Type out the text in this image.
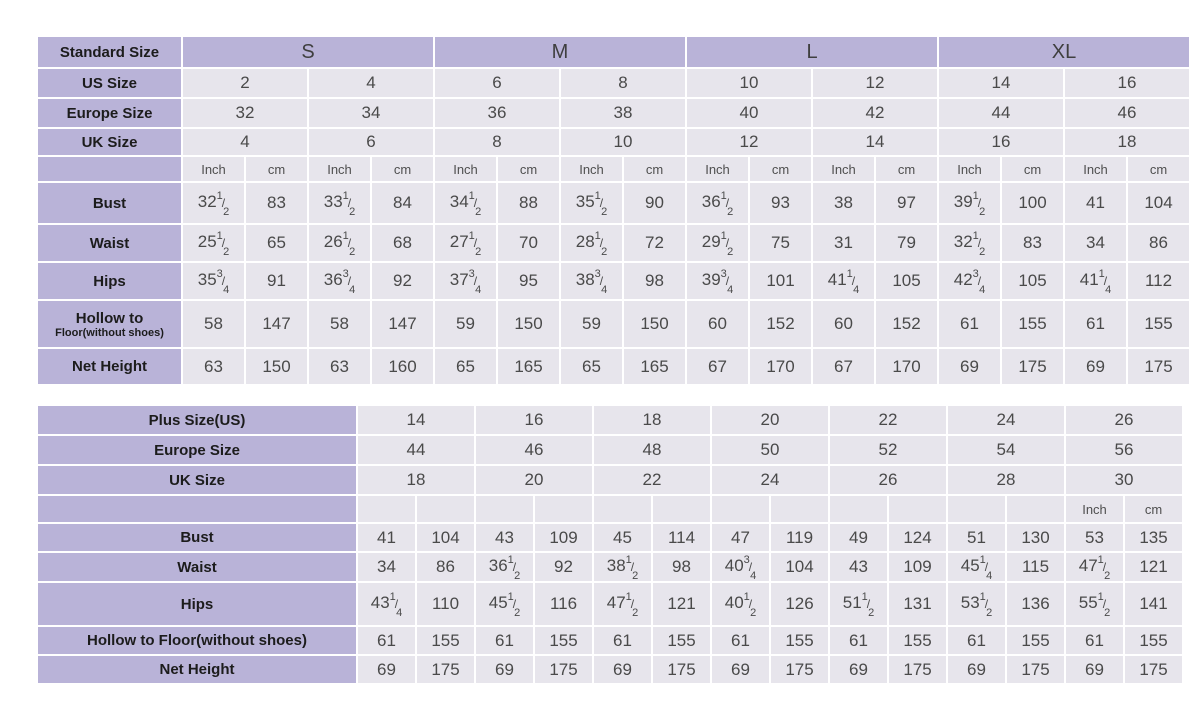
Standard Size	S				M				L				XL			
US Size	2		4		6		8		10		12		14		16	
Europe Size	32		34		36		38		40		42		44		46	
UK Size	4		6		8		10		12		14		16		18	
	Inch	cm	Inch	cm	Inch	cm	Inch	cm	Inch	cm	Inch	cm	Inch	cm	Inch	cm
Bust	$32^1/_2$	83	$33^1/_2$	84	$34^1/_2$	88	$35^1/_2$	90	$36^1/_2$	93	38	97	$39^1/_2$	100	41	104
Waist	$25^1/_2$	65	$26^1/_2$	68	$27^1/_2$	70	$28^1/_2$	72	$29^1/_2$	75	31	79	$32^1/_2$	83	34	86
Hips	$35^3/_4$	91	$36^3/_4$	92	$37^3/_4$	95	$38^3/_4$	98	$39^3/_4$	101	$41^1/_4$	105	$42^3/_4$	105	$41^1/_4$	112

Hollow to
Floor(without shoes)	58	147	58	147	59	150	59	150	60	152	60	152	61	155	61	155
Net Height	63	150	63	160	65	165	65	165	67	170	67	170	69	175	69	175
Plus Size(US)	14		16		18		20		22		24		26	
Europe Size	44		46		48		50		52		54		56	
UK Size	18		20		22		24		26		28		30	
													Inch	cm
Bust	41	104	43	109	45	114	47	119	49	124	51	130	53	135
Waist	34	86	$36^1/_2$	92	$38^1/_2$	98	$40^3/_4$	104	43	109	$45^1/_4$	115	$47^1/_2$	121
Hips	$43^1/_4$	110	$45^1/_2$	116	$47^1/_2$	121	$40^1/_2$	126	$51^1/_2$	131	$53^1/_2$	136	$55^1/_2$	141
Hollow to Floor(without shoes)	61	155	61	155	61	155	61	155	61	155	61	155	61	155
Net Height	69	175	69	175	69	175	69	175	69	175	69	175	69	175
